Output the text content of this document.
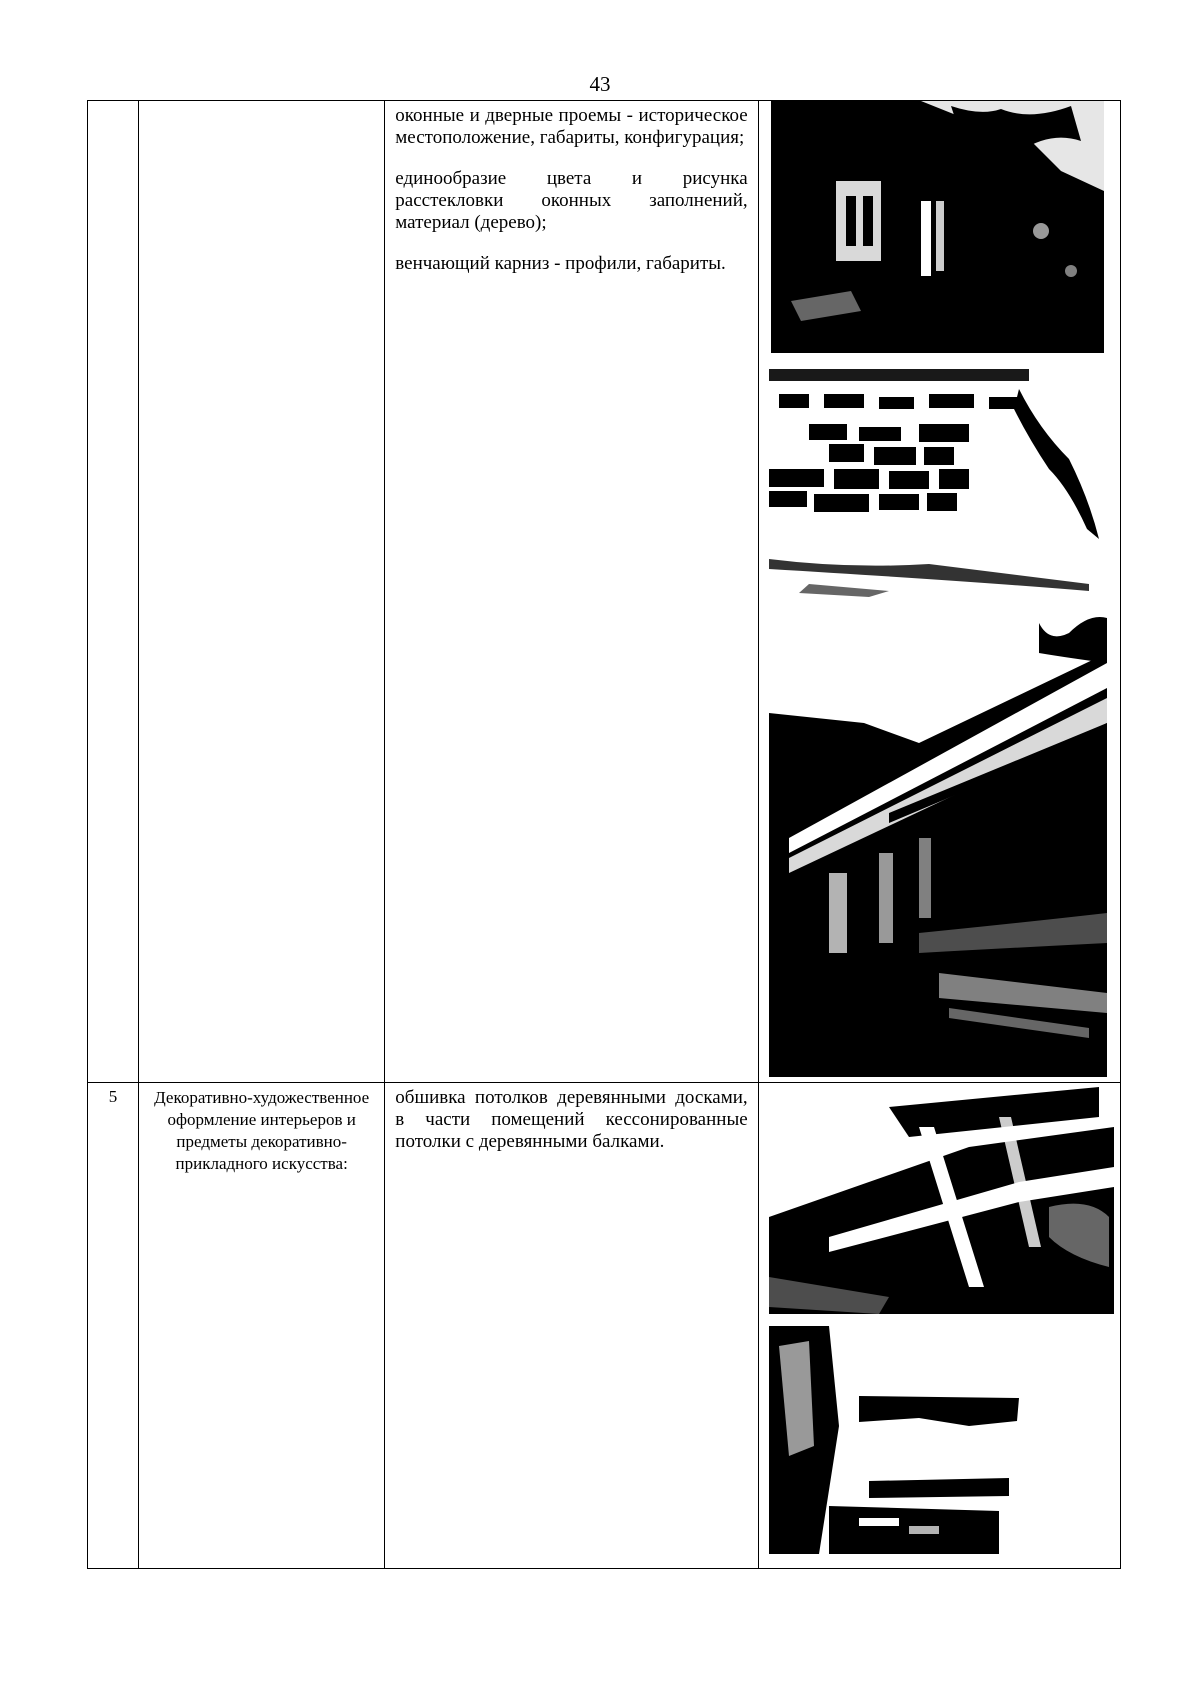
43

		оконные и дверные проемы - историческое местоположение, габариты, конфигурация;

единообразие цвета и рисунка расстекловки оконных заполнений, материал (дерево);

венчающий карниз - профили, габариты.

5	Декоративно-художественное оформление интерьеров и предметы декоративно-прикладного искусства:	обшивка потолков деревянными досками, в части помещений кессонированные потолки с деревянными балками.
